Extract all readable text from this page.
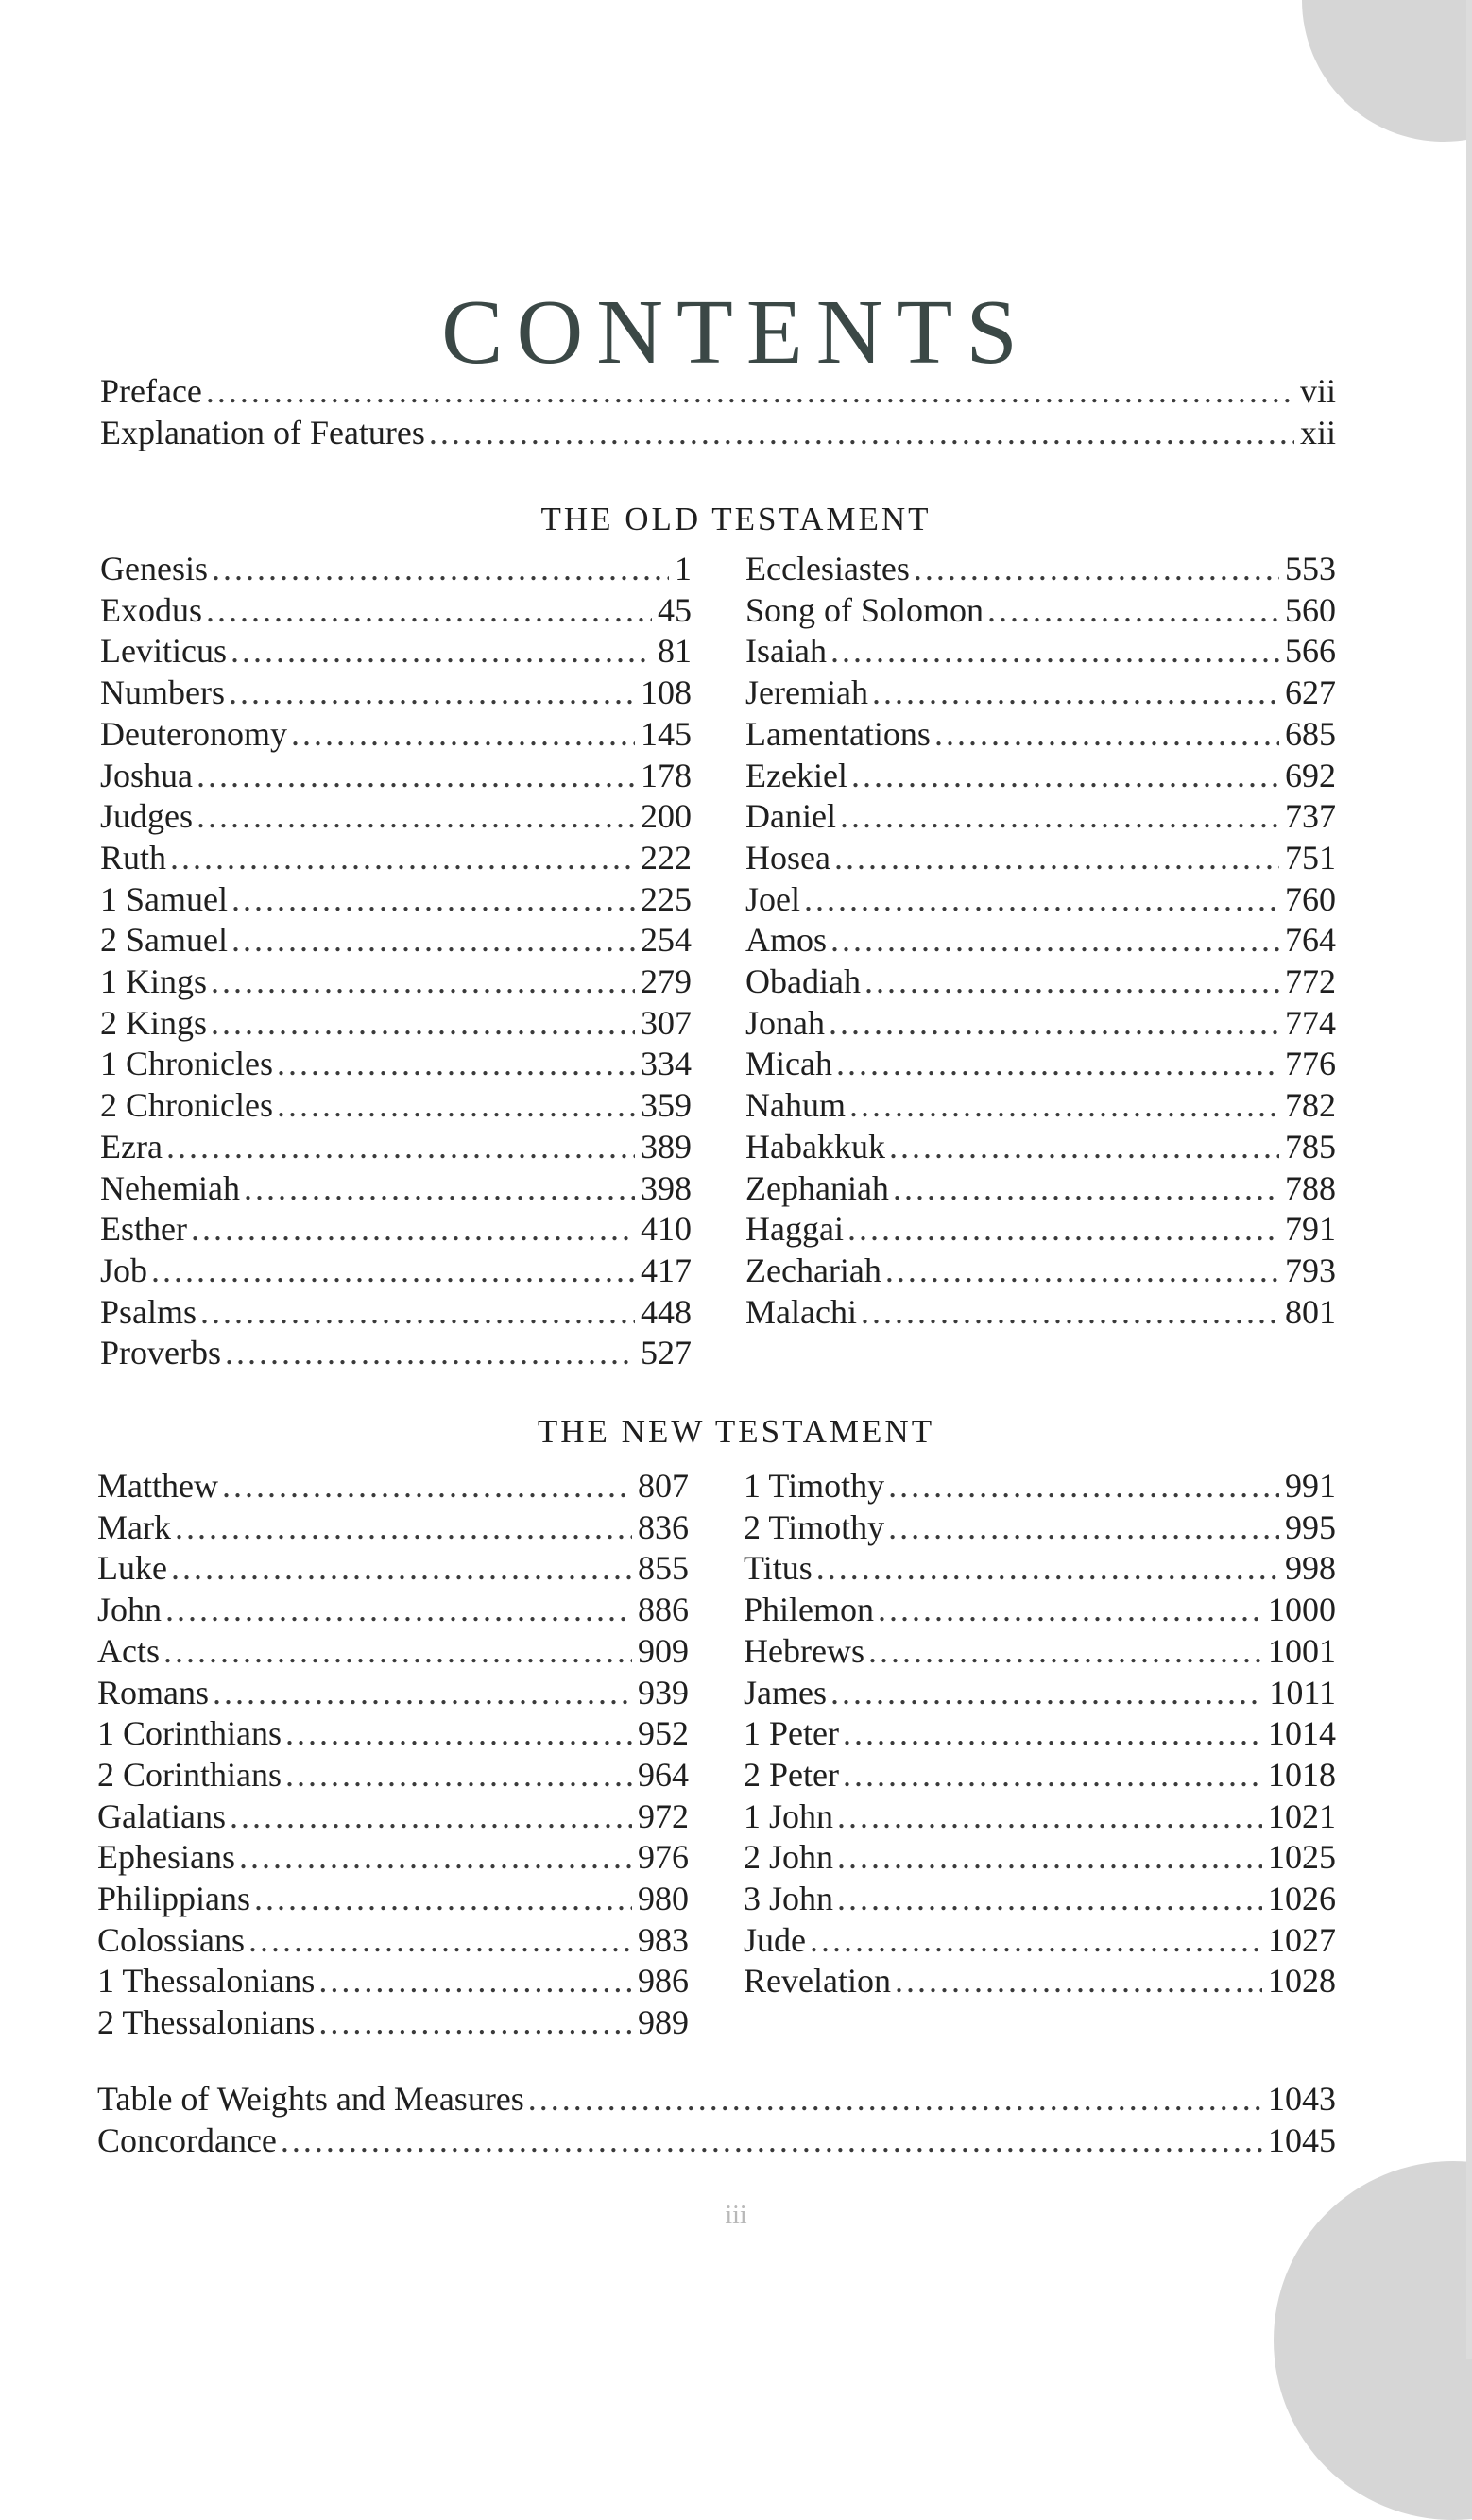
CONTENTS
Preface .....	vii
Explanation of Features .....	xii
Genesis .....	1
Exodus .....	45
Leviticus .....	81
Numbers .....	108
Deuteronomy .....	145
Joshua .....	178
Judges .....	200
Ruth .....	222
1 Samuel .....	225
2 Samuel .....	254
1 Kings .....	279
2 Kings .....	307
1 Chronicles .....	334
2 Chronicles .....	359
Ezra .....	389
Nehemiah .....	398
Esther .....	410
Job .....	417
Psalms .....	448
Proverbs .....	527
Ecclesiastes .....	553
Song of Solomon .....	560
Isaiah .....	566
Jeremiah .....	627
Lamentations .....	685
Ezekiel .....	692
Daniel .....	737
Hosea .....	751
Joel .....	760
Amos .....	764
Obadiah .....	772
Jonah .....	774
Micah .....	776
Nahum .....	782
Habakkuk .....	785
Zephaniah .....	788
Haggai .....	791
Zechariah .....	793
Malachi .....	801
Matthew .....	807
Mark .....	836
Luke .....	855
John .....	886
Acts .....	909
Romans .....	939
1 Corinthians .....	952
2 Corinthians .....	964
Galatians .....	972
Ephesians .....	976
Philippians .....	980
Colossians .....	983
1 Thessalonians .....	986
2 Thessalonians .....	989
1 Timothy .....	991
2 Timothy .....	995
Titus .....	998
Philemon .....	1000
Hebrews .....	1001
James .....	1011
1 Peter .....	1014
2 Peter .....	1018
1 John .....	1021
2 John .....	1025
3 John .....	1026
Jude .....	1027
Revelation .....	1028
Table of Weights and Measures .....	1043
Concordance .....	1045
THE OLD TESTAMENT
THE NEW TESTAMENT
iii
